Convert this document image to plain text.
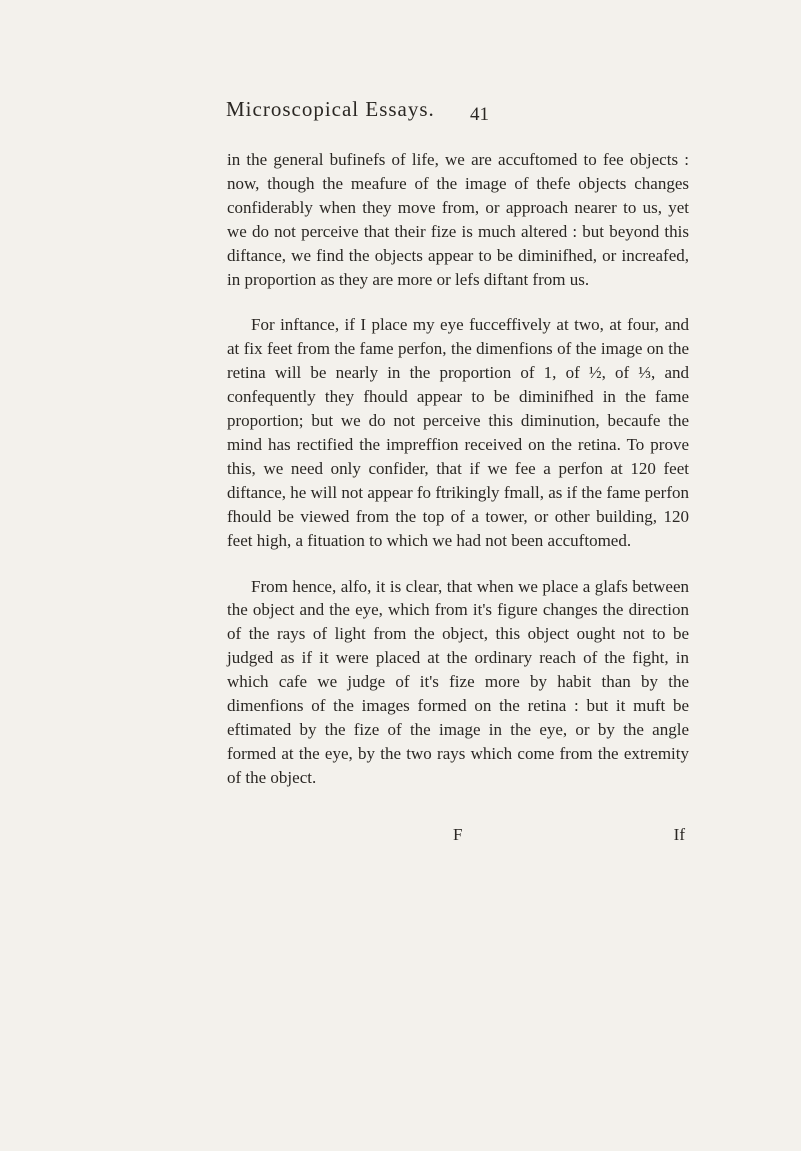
Microscopical Essays.	41

in the general bufinefs of life, we are accuftomed to fee objects : now, though the meafure of the image of thefe objects changes confiderably when they move from, or approach nearer to us, yet we do not perceive that their fize is much altered : but beyond this diftance, we find the objects appear to be diminifhed, or increafed, in proportion as they are more or lefs diftant from us.

For inftance, if I place my eye fucceffively at two, at four, and at fix feet from the fame perfon, the dimenfions of the image on the retina will be nearly in the proportion of 1, of ½, of ⅓, and confequently they fhould appear to be diminifhed in the fame proportion; but we do not perceive this diminution, becaufe the mind has rectified the impreffion received on the retina. To prove this, we need only confider, that if we fee a perfon at 120 feet diftance, he will not appear fo ftrikingly fmall, as if the fame perfon fhould be viewed from the top of a tower, or other building, 120 feet high, a fituation to which we had not been accuftomed.

From hence, alfo, it is clear, that when we place a glafs between the object and the eye, which from it's figure changes the direction of the rays of light from the object, this object ought not to be judged as if it were placed at the ordinary reach of the fight, in which cafe we judge of it's fize more by habit than by the dimenfions of the images formed on the retina : but it muft be eftimated by the fize of the image in the eye, or by the angle formed at the eye, by the two rays which come from the extremity of the object.

F	If
